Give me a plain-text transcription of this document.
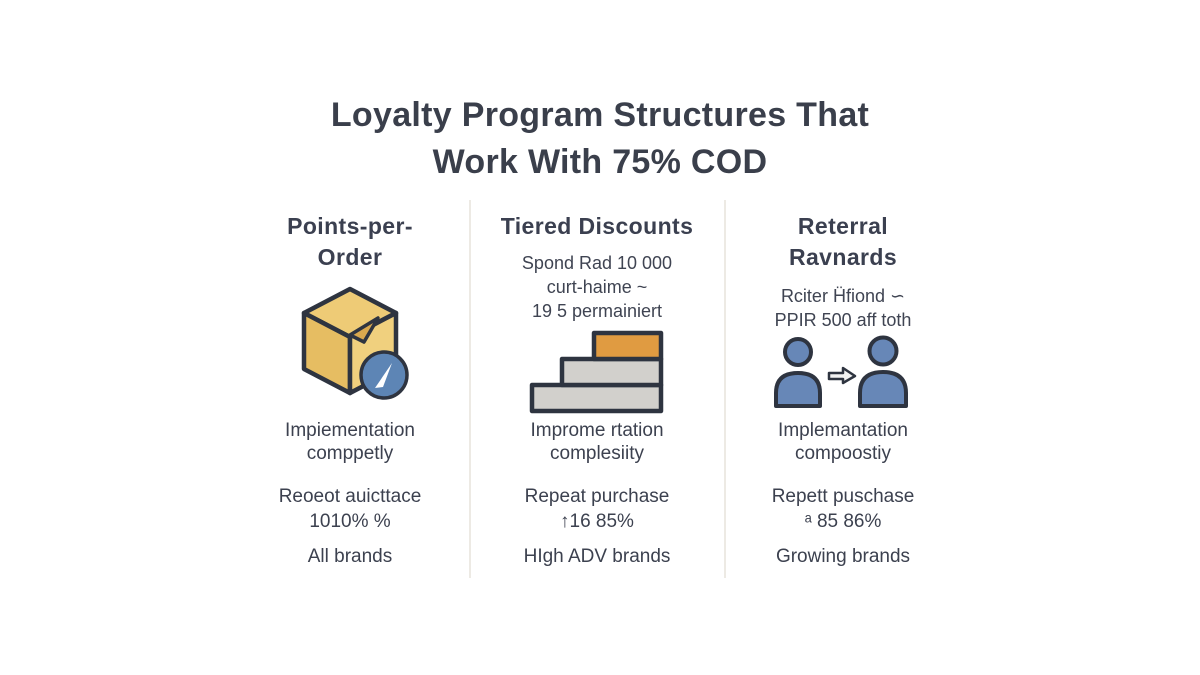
Loyalty Program Structures That
Work With 75% COD
Points-per-
Order
Impiementation
comppetly
Reoeot auicttace
1010% %
All brands
Tiered Discounts
Spond Rad 10 000
curt-haime ~
19 5 permainiert
Improme rtation
complesiity
Repeat purchase
↑16 85%
HIgh ADV brands
Reterral
Ravnards
Rciter Ḧfiond ∽
PPIR 500 aff toth
Implemantation
compoostiy
Repett puschase
ᵃ 85 86%
Growing brands
